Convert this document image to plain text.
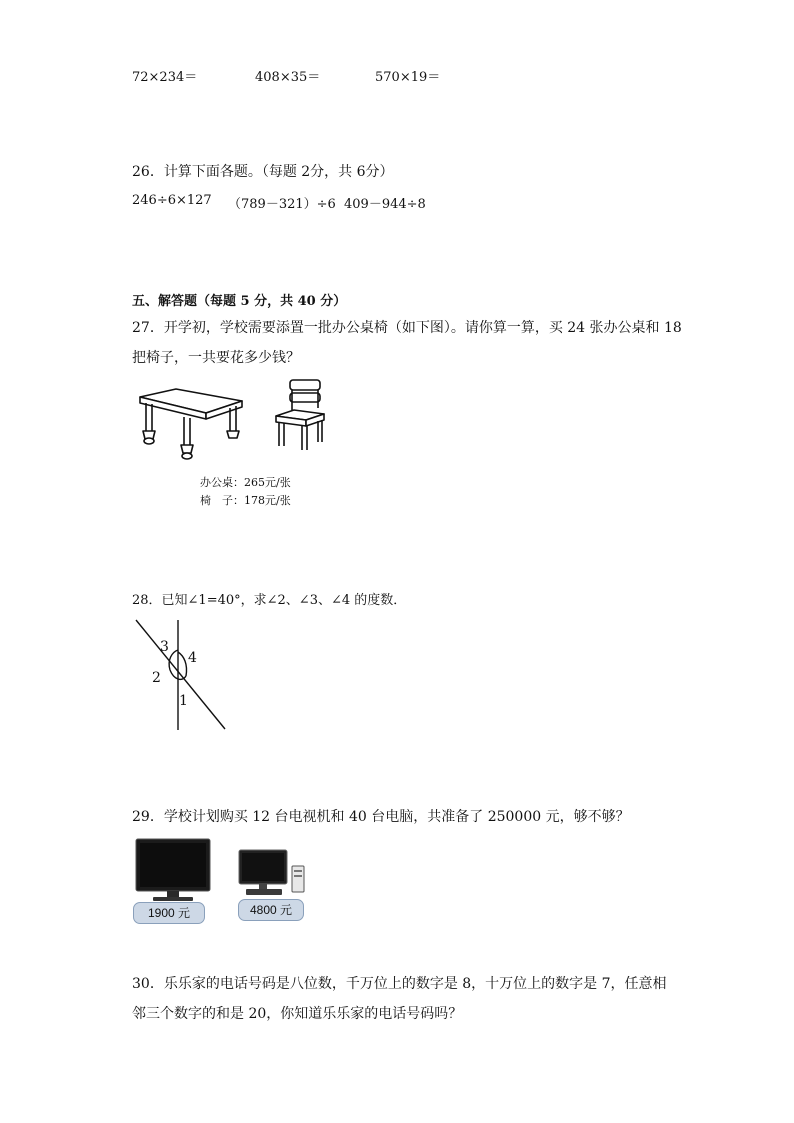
72×234＝	408×35＝	570×19＝
26．计算下面各题。（每题 2分，共 6分）
246÷6×127 （789－321）÷6 409－944÷8
五、解答题（每题 5 分，共 40 分）
27．开学初，学校需要添置一批办公桌椅（如下图）。请你算一算，买 24 张办公桌和 18
把椅子，一共要花多少钱？
办公桌：265元/张
椅　子：178元/张
28．已知∠1=40°，求∠2、∠3、∠4 的度数．
3
4
2
1
29．学校计划购买 12 台电视机和 40 台电脑，共准备了 250000 元，够不够？
1900 元	4800 元
30．乐乐家的电话号码是八位数，千万位上的数字是 8，十万位上的数字是 7，任意相
邻三个数字的和是 20，你知道乐乐家的电话号码吗？
